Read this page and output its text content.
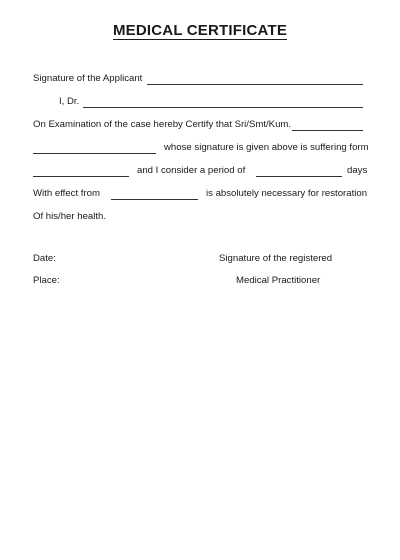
MEDICAL CERTIFICATE
Signature of the Applicant
I, Dr.
On Examination of the case hereby Certify that Sri/Smt/Kum.
whose signature is given above is suffering form
and I consider a period of	days
With effect from	is absolutely necessary for restoration
Of his/her health.
Date:
Place:
Signature of the registered
Medical Practitioner
